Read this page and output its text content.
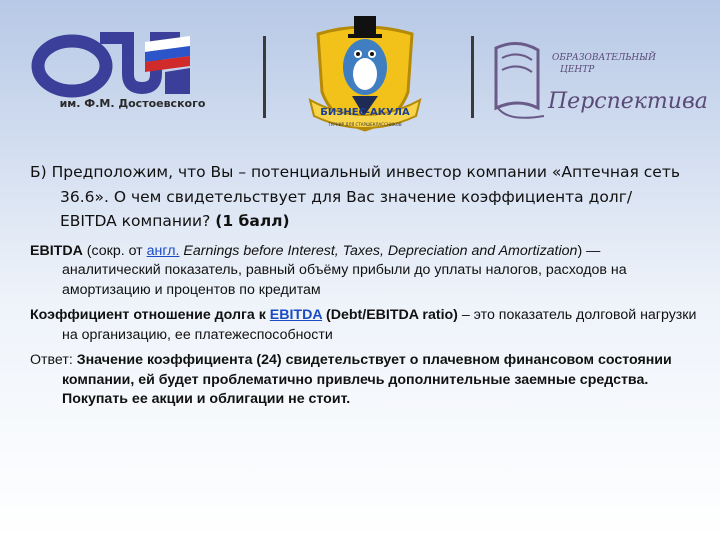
им. Ф.М. Достоевского
БИЗНЕС-АКУЛА
ТУРНИР ДЛЯ СТАРШЕКЛАССНИКОВ
ОБРАЗОВАТЕЛЬНЫЙ
ЦЕНТР
Перспектива
Б) Предположим, что Вы – потенциальный инвестор компании «Аптечная сеть 36.6». О чем свидетельствует для Вас значение коэффициента долг/ EBITDA компании? (1 балл)
EBITDA (сокр. от англ. Earnings before Interest, Taxes, Depreciation and Amortization) — аналитический показатель, равный объёму прибыли до уплаты налогов, расходов на амортизацию и процентов по кредитам
Коэффициент отношение долга к EBITDA (Debt/EBITDA ratio) – это показатель долговой нагрузки на организацию, ее платежеспособности
Ответ: Значение коэффициента (24) свидетельствует о плачевном финансовом состоянии компании, ей будет проблематично привлечь дополнительные заемные средства. Покупать ее акции и облигации не стоит.
